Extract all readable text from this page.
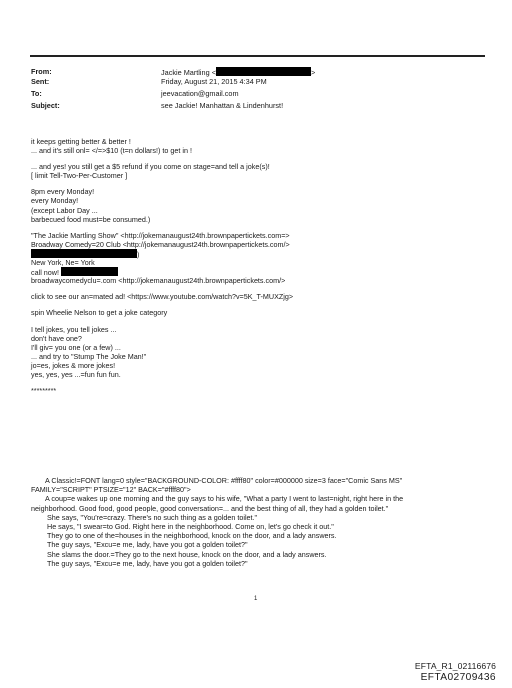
From:	Jackie Martling <	>
Sent:	Friday, August 21, 2015 4:34 PM
To:	jeevacation@gmail.com
Subject:	see Jackie! Manhattan & Lindenhurst!
it keeps getting better & better !
... and it's still onl= </=>$10 (t=n dollars!) to get in !
... and yes! you still get a $5 refund if you come on stage=and tell a joke(s)!
[ limit Tell-Two-Per-Customer ]
8pm every Monday!
every Monday!
(except Labor Day ...
barbecued food must=be consumed.)
"The Jackie Martling Show" <http://jokemanaugust24th.brownpapertickets.com=>
Broadway Comedy=20 Club <http://jokemanaugust24th.brownpapertickets.com/>
)
New York, Ne= York
call now!
broadwaycomedyclu=.com <http://jokemanaugust24th.brownpapertickets.com/>
click to see our an=mated ad! <https://www.youtube.com/watch?v=5K_T-MUXZjg>
spin Wheelie Nelson to get a joke category
I tell jokes, you tell jokes ...
don't have one?
I'll giv= you one (or a few) ...
... and try to "Stump The Joke Man!"
jo=es, jokes & more jokes!
yes, yes, yes ...=fun fun fun.
*********
A Classic!=FONT lang=0 style="BACKGROUND-COLOR: #ffff80" color=#000000 size=3 face="Comic Sans MS"
FAMILY="SCRIPT" PTSIZE="12" BACK="#ffff80">
A coup=e wakes up one morning and the guy says to his wife, "What a party I went to last=night, right here in the
neighborhood. Good food, good people, good conversation=... and the best thing of all, they had a golden toilet."
She says, "You're=crazy. There's no such thing as a golden toilet."
He says, "I swear=to God. Right here in the neighborhood. Come on, let's go check it out."
They go to one of the=houses in the neighborhood, knock on the door, and a lady answers.
The guy says, "Excu=e me, lady, have you got a golden toilet?"
She slams the door.=They go to the next house, knock on the door, and a lady answers.
The guy says, "Excu=e me, lady, have you got a golden toilet?"
1
EFTA_R1_02116676
EFTA02709436
